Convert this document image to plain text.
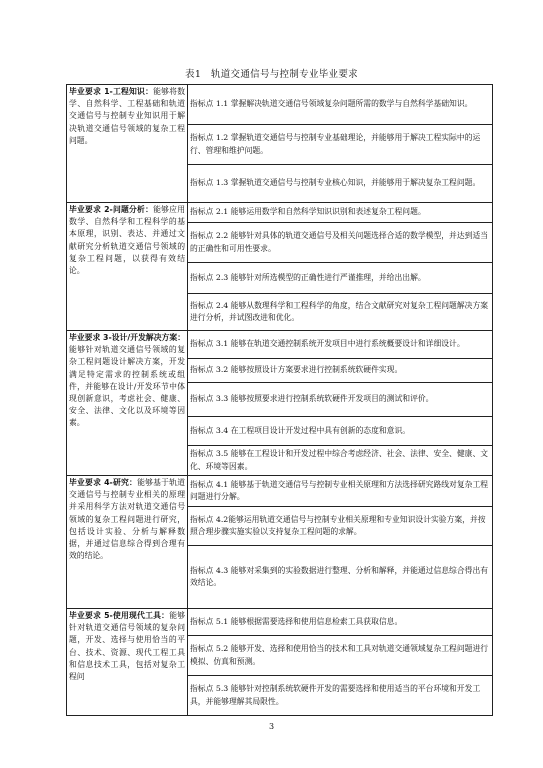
表1　轨道交通信号与控制专业毕业要求
毕业要求 1-工程知识：能够将数学、自然科学、工程基础和轨道交通信号与控制专业知识用于解决轨道交通信号领域的复杂工程问题。	指标点 1.1 掌握解决轨道交通信号领域复杂问题所需的数学与自然科学基础知识。
	指标点 1.2 掌握轨道交通信号与控制专业基础理论，并能够用于解决工程实际中的运行、管理和维护问题。
	指标点 1.3 掌握轨道交通信号与控制专业核心知识，并能够用于解决复杂工程问题。
毕业要求 2-问题分析：能够应用数学、自然科学和工程科学的基本原理，识别、表达、并通过文献研究分析轨道交通信号领域的复杂工程问题，以获得有效结论。	指标点 2.1 能够运用数学和自然科学知识识别和表述复杂工程问题。
	指标点 2.2 能够针对具体的轨道交通信号及相关问题选择合适的数学模型，并达到适当的正确性和可用性要求。
	指标点 2.3 能够针对所选模型的正确性进行严谨推理，并给出出解。
	指标点 2.4 能够从数理科学和工程科学的角度，结合文献研究对复杂工程问题解决方案进行分析，并试图改进和优化。
毕业要求 3-设计/开发解决方案：能够针对轨道交通信号领域的复杂工程问题设计解决方案，开发满足特定需求的控制系统或组件，并能够在设计/开发环节中体现创新意识，考虑社会、健康、安全、法律、文化以及环境等因素。	指标点 3.1 能够在轨道交通控制系统开发项目中进行系统概要设计和详细设计。
	指标点 3.2 能够按照设计方案要求进行控制系统软硬件实现。
	指标点 3.3 能够按照要求进行控制系统软硬件开发项目的测试和评价。
	指标点 3.4 在工程项目设计开发过程中具有创新的态度和意识。
	指标点 3.5 能够在工程设计和开发过程中综合考虑经济、社会、法律、安全、健康、文化、环境等因素。
毕业要求 4-研究：能够基于轨道交通信号与控制专业相关的原理并采用科学方法对轨道交通信号领域的复杂工程问题进行研究，包括设计实验、分析与解释数据，并通过信息综合得到合理有效的结论。	指标点 4.1 能够基于轨道交通信号与控制专业相关原理和方法选择研究路线对复杂工程问题进行分解。
	指标点 4.2能够运用轨道交通信号与控制专业相关原理和专业知识设计实验方案，并按照合理步骤实施实验以支持复杂工程问题的求解。
	指标点 4.3 能够对采集到的实验数据进行整理、分析和解释，并能通过信息综合得出有效结论。
毕业要求 5-使用现代工具：能够针对轨道交通信号领域的复杂问题，开发、选择与使用恰当的平台、技术、资源、现代工程工具和信息技术工具，包括对复杂工程问	指标点 5.1 能够根据需要选择和使用信息检索工具获取信息。
	指标点 5.2 能够开发、选择和使用恰当的技术和工具对轨道交通领域复杂工程问题进行模拟、仿真和预测。
	指标点 5.3 能够针对控制系统软硬件开发的需要选择和使用适当的平台环境和开发工具，并能够理解其局限性。
3
